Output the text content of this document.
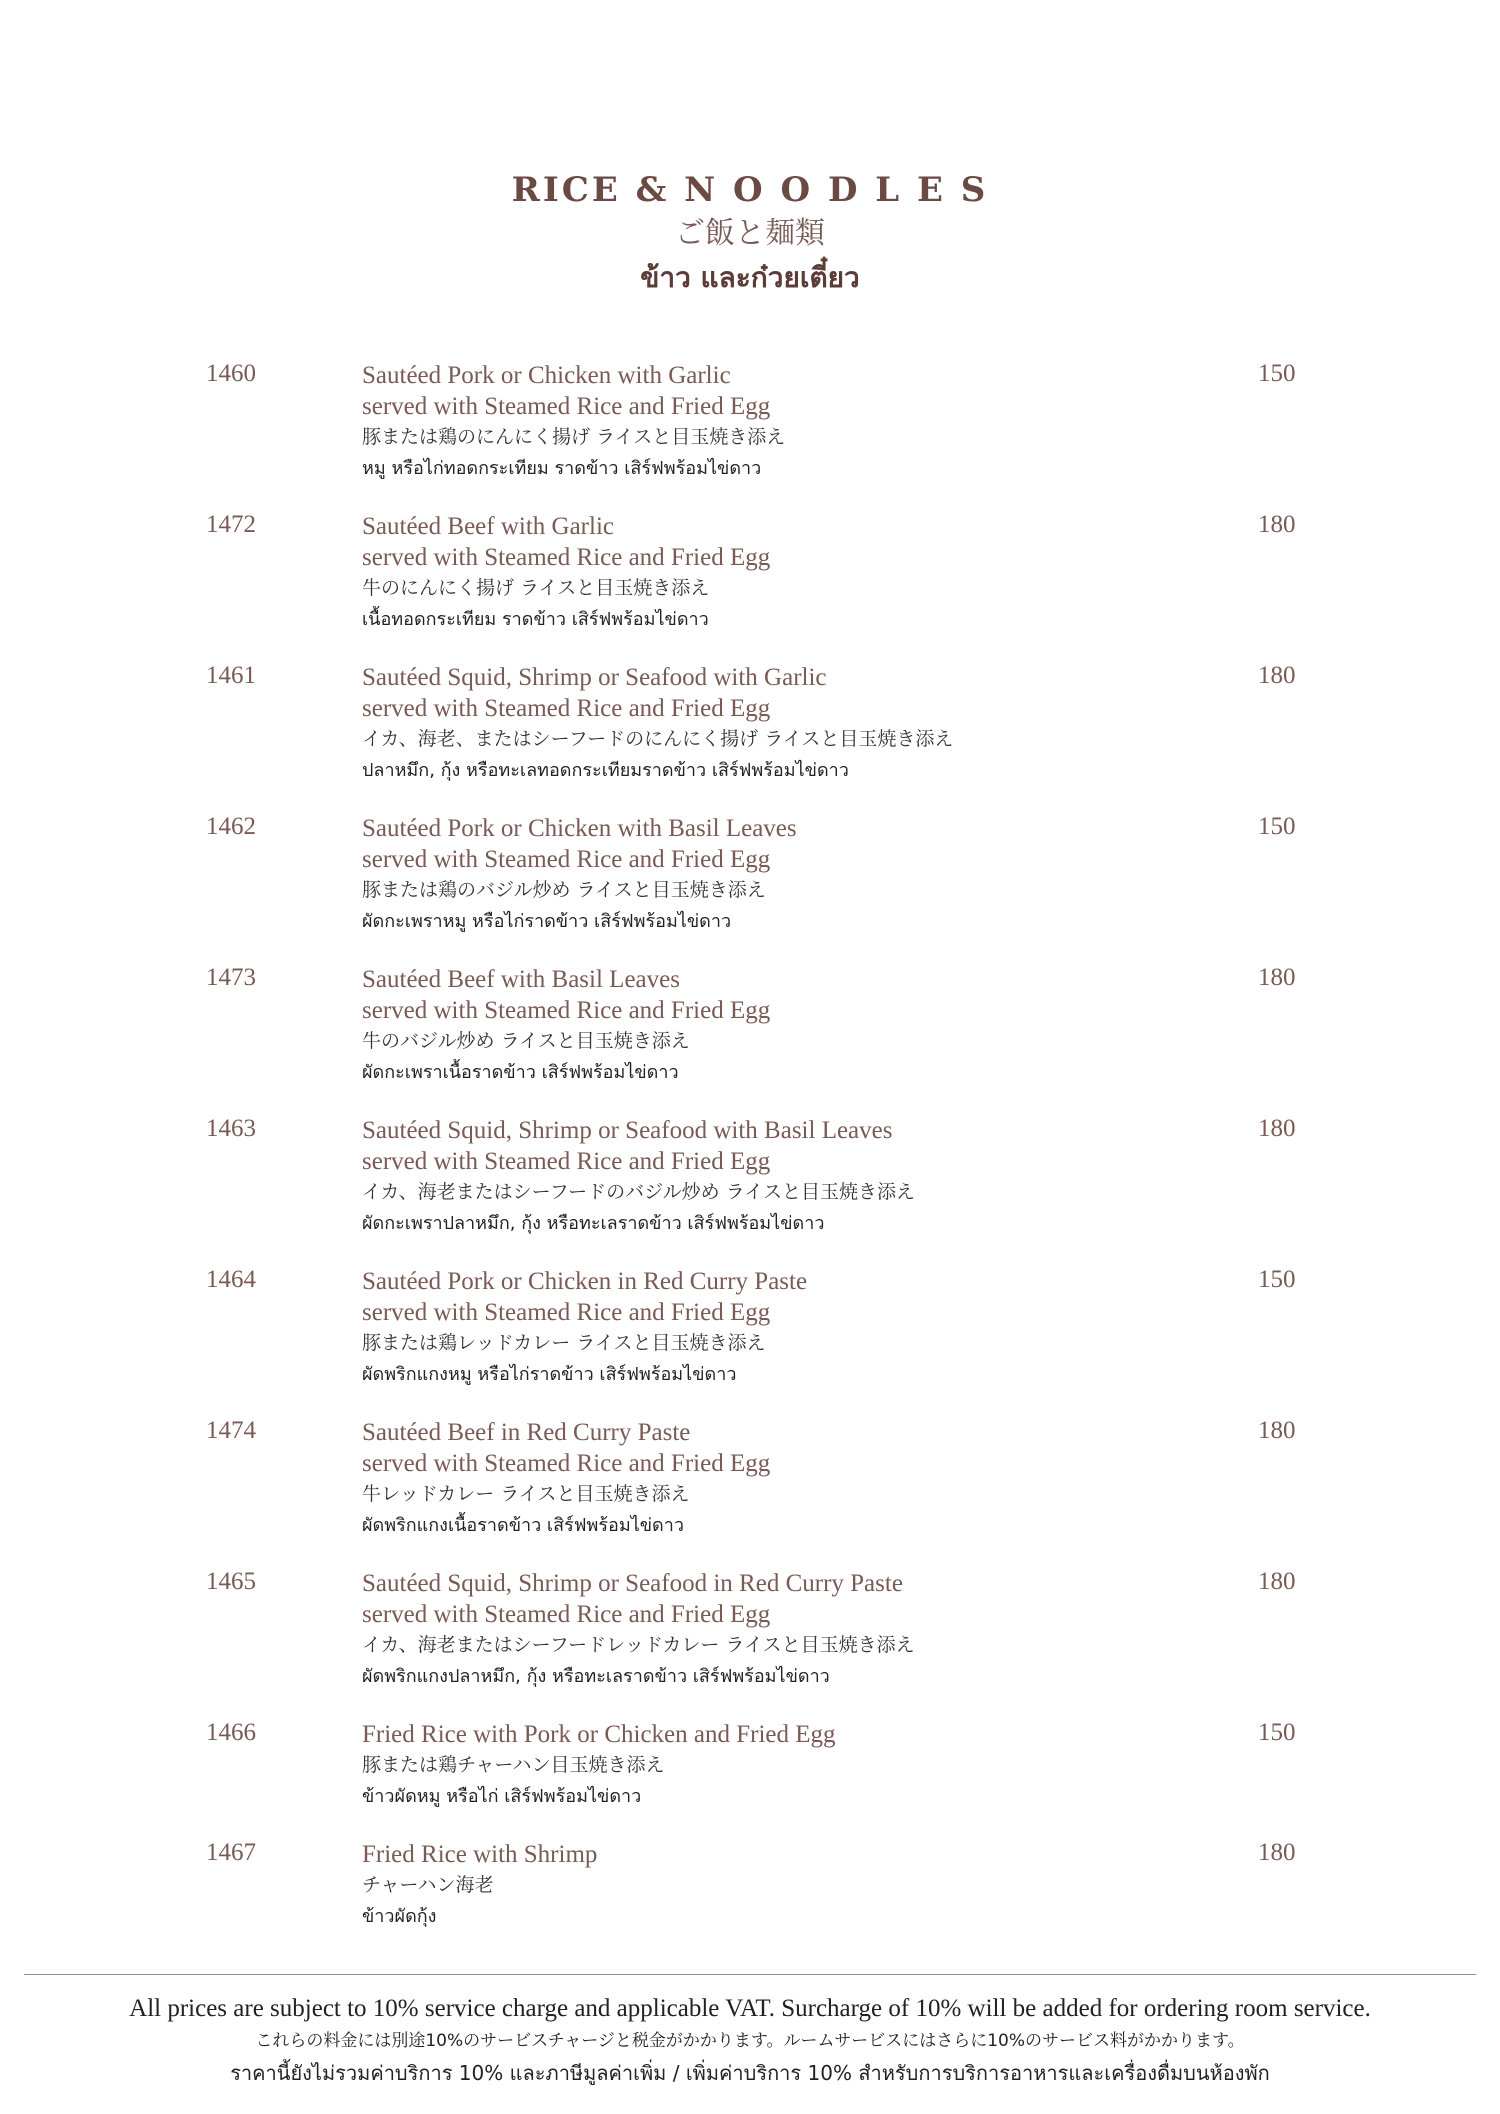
RICE & N O O D L E S
ご飯と麺類
ข้าว และก๋วยเตี๋ยว
1460	Sautéed Pork or Chicken with Garlic
served with Steamed Rice and Fried Egg
豚または鶏のにんにく揚げ ライスと目玉焼き添え
หมู หรือไก่ทอดกระเทียม ราดข้าว เสิร์ฟพร้อมไข่ดาว
150
1472	Sautéed Beef with Garlic
served with Steamed Rice and Fried Egg
牛のにんにく揚げ ライスと目玉焼き添え
เนื้อทอดกระเทียม ราดข้าว เสิร์ฟพร้อมไข่ดาว
180
1461	Sautéed Squid, Shrimp or Seafood with Garlic
served with Steamed Rice and Fried Egg
イカ、海老、またはシーフードのにんにく揚げ ライスと目玉焼き添え
ปลาหมึก, กุ้ง หรือทะเลทอดกระเทียมราดข้าว เสิร์ฟพร้อมไข่ดาว
180
1462	Sautéed Pork or Chicken with Basil Leaves
served with Steamed Rice and Fried Egg
豚または鶏のバジル炒め ライスと目玉焼き添え
ผัดกะเพราหมู หรือไก่ราดข้าว เสิร์ฟพร้อมไข่ดาว
150
1473	Sautéed Beef with Basil Leaves
served with Steamed Rice and Fried Egg
牛のバジル炒め ライスと目玉焼き添え
ผัดกะเพราเนื้อราดข้าว เสิร์ฟพร้อมไข่ดาว
180
1463	Sautéed Squid, Shrimp or Seafood with Basil Leaves
served with Steamed Rice and Fried Egg
イカ、海老またはシーフードのバジル炒め ライスと目玉焼き添え
ผัดกะเพราปลาหมึก, กุ้ง หรือทะเลราดข้าว เสิร์ฟพร้อมไข่ดาว
180
1464	Sautéed Pork or Chicken in Red Curry Paste
served with Steamed Rice and Fried Egg
豚または鶏レッドカレー ライスと目玉焼き添え
ผัดพริกแกงหมู หรือไก่ราดข้าว เสิร์ฟพร้อมไข่ดาว
150
1474	Sautéed Beef in Red Curry Paste
served with Steamed Rice and Fried Egg
牛レッドカレー ライスと目玉焼き添え
ผัดพริกแกงเนื้อราดข้าว เสิร์ฟพร้อมไข่ดาว
180
1465	Sautéed Squid, Shrimp or Seafood in Red Curry Paste
served with Steamed Rice and Fried Egg
イカ、海老またはシーフードレッドカレー ライスと目玉焼き添え
ผัดพริกแกงปลาหมึก, กุ้ง หรือทะเลราดข้าว เสิร์ฟพร้อมไข่ดาว
180
1466	Fried Rice with Pork or Chicken and Fried Egg
豚または鶏チャーハン目玉焼き添え
ข้าวผัดหมู หรือไก่ เสิร์ฟพร้อมไข่ดาว
150
1467	Fried Rice with Shrimp
チャーハン海老
ข้าวผัดกุ้ง
180
All prices are subject to 10% service charge and applicable VAT. Surcharge of 10% will be added for ordering room service.
これらの料金には別途10%のサービスチャージと税金がかかります。ルームサービスにはさらに10%のサービス料がかかります。
ราคานี้ยังไม่รวมค่าบริการ 10% และภาษีมูลค่าเพิ่ม / เพิ่มค่าบริการ 10% สำหรับการบริการอาหารและเครื่องดื่มบนห้องพัก
